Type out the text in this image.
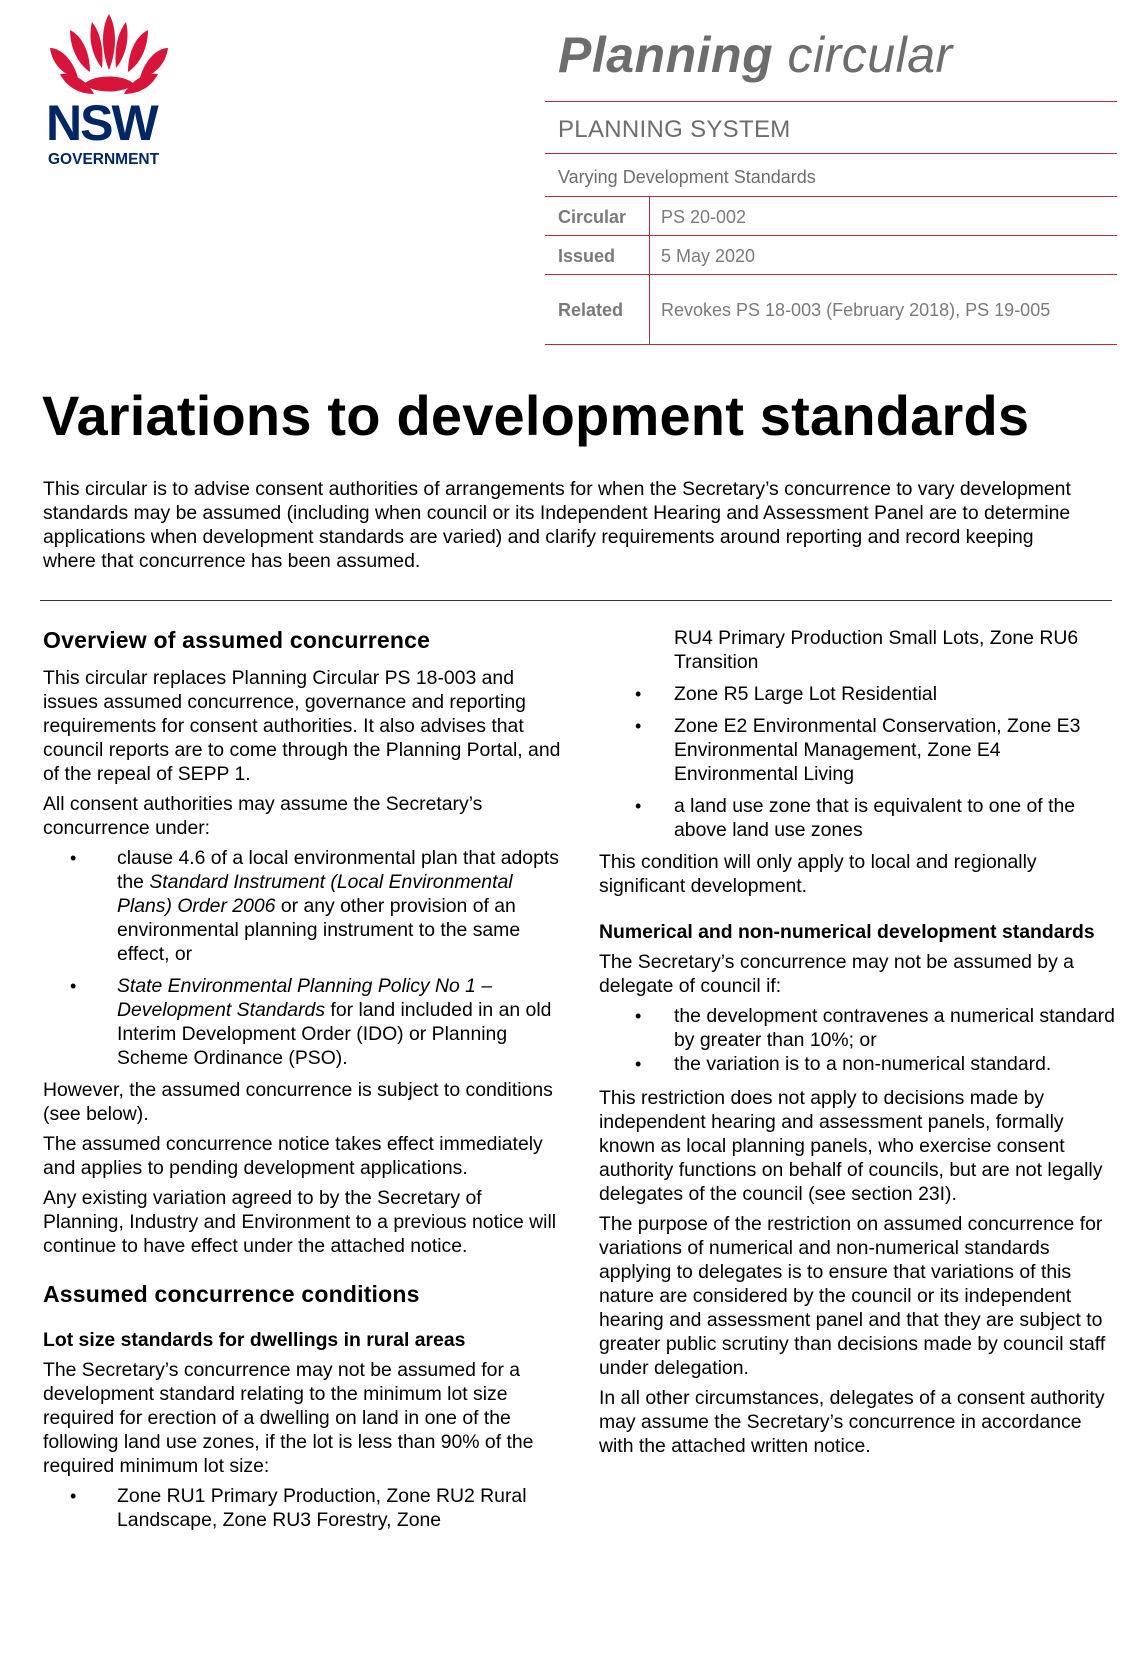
NSW
GOVERNMENT
Planning circular
PLANNING SYSTEM
Varying Development Standards
Circular PS 20-002
Issued	5 May 2020
Related Revokes PS 18-003 (February 2018), PS 19-005
Variations to development standards

This circular is to advise consent authorities of arrangements for when the Secretary’s concurrence to vary development standards may be assumed (including when council or its Independent Hearing and Assessment Panel are to determine applications when development standards are varied) and clarify requirements around reporting and record keeping where that concurrence has been assumed.

Overview of assumed concurrence

This circular replaces Planning Circular PS 18-003 and issues assumed concurrence, governance and reporting requirements for consent authorities. It also advises that council reports are to come through the Planning Portal, and of the repeal of SEPP 1.

All consent authorities may assume the Secretary’s concurrence under:

• clause 4.6 of a local environmental plan that adopts the Standard Instrument (Local Environmental Plans) Order 2006 or any other provision of an environmental planning instrument to the same effect, or
• State Environmental Planning Policy No 1 – Development Standards for land included in an old Interim Development Order (IDO) or Planning Scheme Ordinance (PSO).

However, the assumed concurrence is subject to conditions (see below).

The assumed concurrence notice takes effect immediately and applies to pending development applications.

Any existing variation agreed to by the Secretary of Planning, Industry and Environment to a previous notice will continue to have effect under the attached notice.

Assumed concurrence conditions
Lot size standards for dwellings in rural areas

The Secretary’s concurrence may not be assumed for a development standard relating to the minimum lot size required for erection of a dwelling on land in one of the following land use zones, if the lot is less than 90% of the required minimum lot size:

• Zone RU1 Primary Production, Zone RU2 Rural Landscape, Zone RU3 Forestry, Zone
RU4 Primary Production Small Lots, Zone RU6 Transition
• Zone R5 Large Lot Residential
• Zone E2 Environmental Conservation, Zone E3 Environmental Management, Zone E4 Environmental Living
• a land use zone that is equivalent to one of the above land use zones

This condition will only apply to local and regionally significant development.

Numerical and non-numerical development standards

The Secretary’s concurrence may not be assumed by a delegate of council if:

• the development contravenes a numerical standard by greater than 10%; or
• the variation is to a non-numerical standard.

This restriction does not apply to decisions made by independent hearing and assessment panels, formally known as local planning panels, who exercise consent authority functions on behalf of councils, but are not legally delegates of the council (see section 23I).

The purpose of the restriction on assumed concurrence for variations of numerical and non-numerical standards applying to delegates is to ensure that variations of this nature are considered by the council or its independent hearing and assessment panel and that they are subject to greater public scrutiny than decisions made by council staff under delegation.

In all other circumstances, delegates of a consent authority may assume the Secretary’s concurrence in accordance with the attached written notice.
